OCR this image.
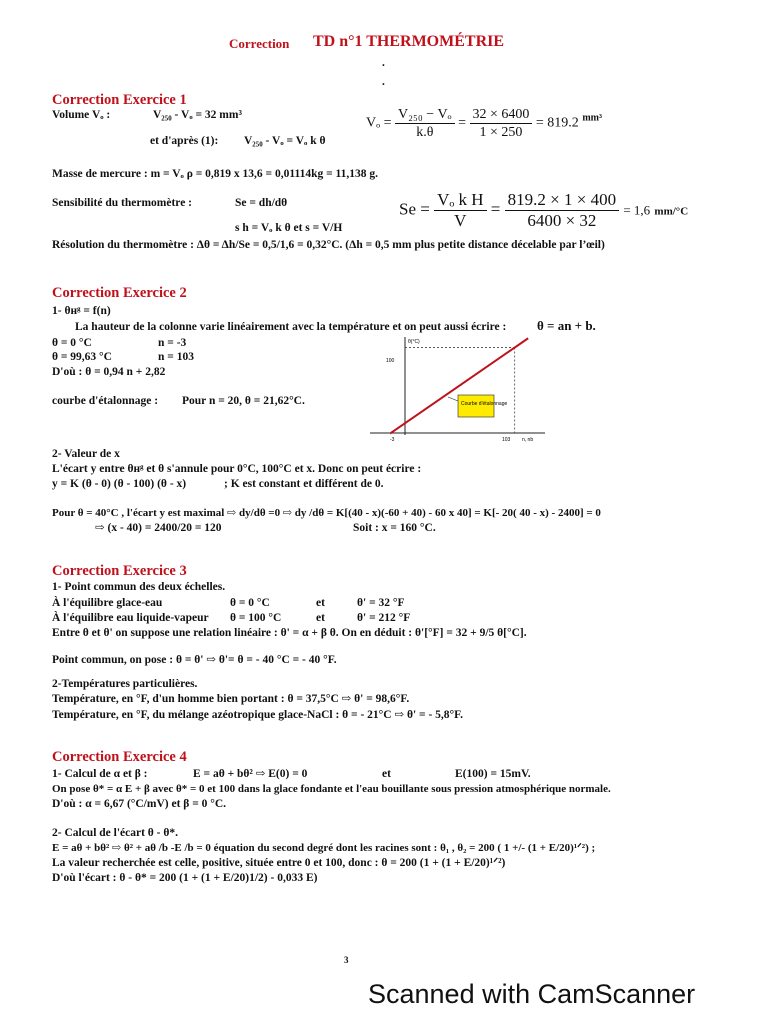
Correction TD n°1 THERMOMÉTRIE
.
.
Correction Exercice 1
Volume Vₒ :	V₂₅₀ - Vₒ = 32 mm³
et d'après (1): V₂₅₀ - Vₒ = Vₒ k θ
$V_o = \frac{\text{V₂₅₀ − Vₒ}}{k.\theta} = \frac{32 \times 6400}{1 \times 250} = 819.2$ $^{mm^3}$
Masse de mercure : m = Vₒ ρ = 0,819 x 13,6 = 0,01114kg = 11,138 g.
Sensibilité du thermomètre :	Se = dh/dθ
s h = Vₒ k θ et s = V/H
$Se = \frac{\text{Vₒ k H}}{V} = \frac{819.2 \times 1 \times 400}{6400 \times 32} = 1,6$ mm/°C
Résolution du thermomètre : Δθ = Δh/Se = 0,5/1,6 = 0,32°C. (Δh = 0,5 mm plus petite distance décelable par l’œil)
Correction Exercice 2
1- θʜᵍ = f(n)
La hauteur de la colonne varie linéairement avec la température et on peut aussi écrire : θ = an + b.
θ = 0 °C	n = -3
θ = 99,63 °C	n = 103
D'où : θ = 0,94 n + 2,82
courbe d'étalonnage : Pour n = 20, θ = 21,62°C.
θ(°C)
n, nb
100
-3	103
Courbe d'étalonnage
2- Valeur de x
L'écart y entre θʜᵍ et θ s'annule pour 0°C, 100°C et x. Donc on peut écrire :
y = K (θ - 0) (θ - 100) (θ - x)	; K est constant et différent de 0.
Pour θ = 40°C , l'écart y est maximal ⇨ dy/dθ =0 ⇨ dy /dθ = K[(40 - x)(-60 + 40) - 60 x 40] = K[- 20( 40 - x) - 2400] = 0
⇨ (x - 40) = 2400/20 = 120	Soit : x = 160 °C.
Correction Exercice 3
1- Point commun des deux échelles.
À l'équilibre glace-eau	θ = 0 °C	et	θ' = 32 °F
À l'équilibre eau liquide-vapeur θ = 100 °C	et	θ' = 212 °F
Entre θ et θ' on suppose une relation linéaire : θ' = α + β θ. On en déduit : θ'[°F] = 32 + 9/5 θ[°C].
Point commun, on pose : θ = θ' ⇨ θ'= θ = - 40 °C = - 40 °F.
2-Températures particulières.
Température, en °F, d'un homme bien portant : θ = 37,5°C ⇨ θ' = 98,6°F.
Température, en °F, du mélange azéotropique glace-NaCl : θ = - 21°C ⇨ θ' = - 5,8°F.
Correction Exercice 4
1- Calcul de α et β :	E = aθ + bθ² ⇨ E(0) = 0	et	E(100) = 15mV.
On pose θ* = α E + β avec θ* = 0 et 100 dans la glace fondante et l'eau bouillante sous pression atmosphérique normale.
D'où : α = 6,67 (°C/mV) et β = 0 °C.
2- Calcul de l'écart θ - θ*.
E = aθ + bθ² ⇨ θ² + aθ /b -E /b = 0 équation du second degré dont les racines sont : θ₁ , θ₂ = 200 ( 1 +/- (1 + E/20)¹ᐟ²) ;
La valeur recherchée est celle, positive, située entre 0 et 100, donc : θ = 200 (1 + (1 + E/20)¹ᐟ²)
D'où l'écart : θ - θ* = 200 (1 + (1 + E/20)1/2) - 0,033 E)
3
Scanned with CamScanner
